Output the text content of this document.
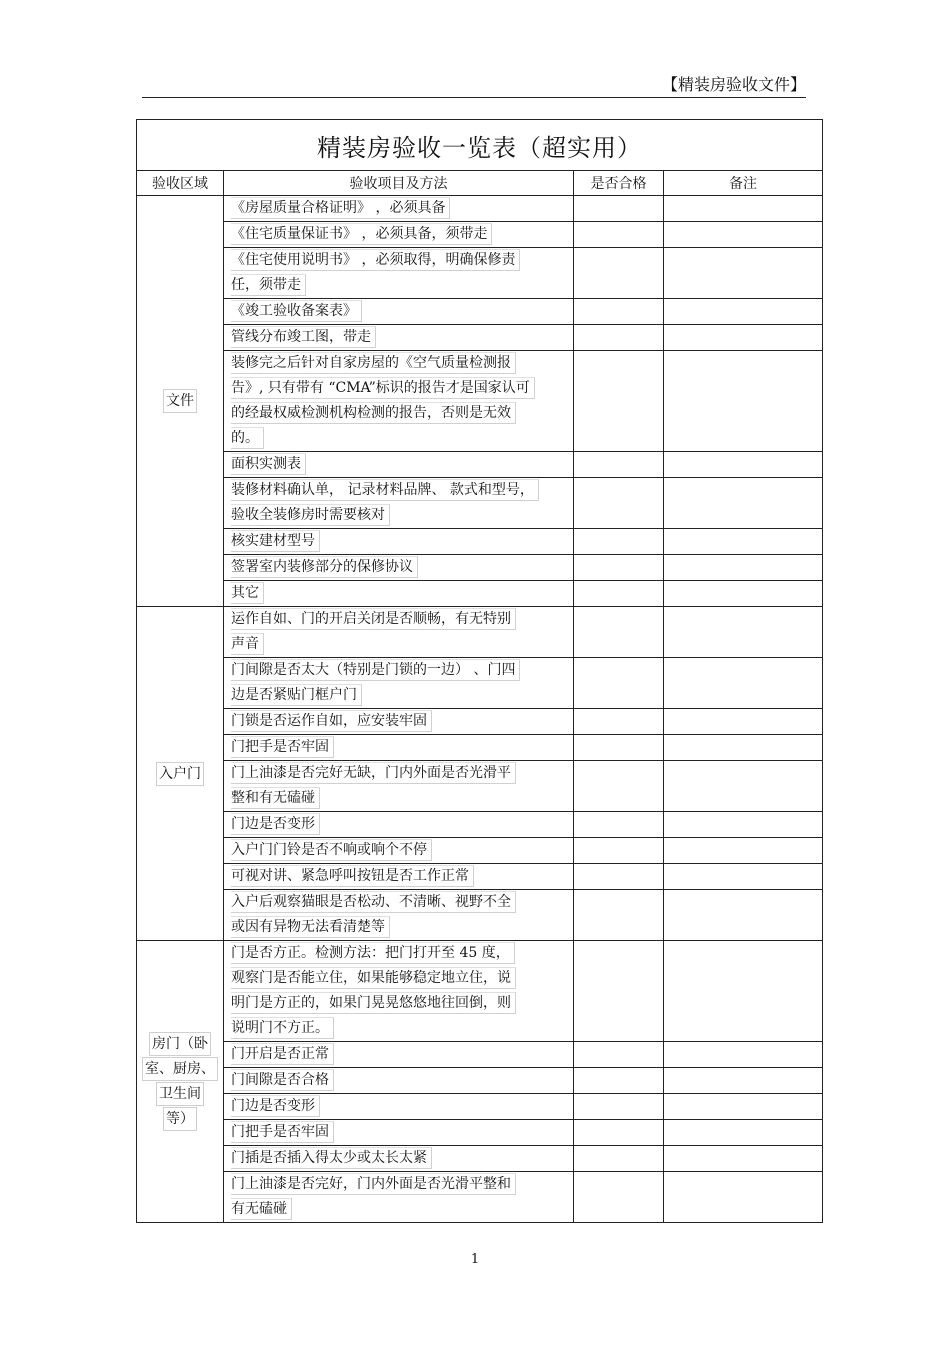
【精装房验收文件】
精装房验收一览表（超实用）			
验收区域	验收项目及方法	是否合格	备注

文件	《房屋质量合格证明》 ，必须具备		

	《住宅质量保证书》 ，必须具备，须带走		

	《住宅使用说明书》 ，必须取得，明确保修责
任，须带走		

	《竣工验收备案表》		

	管线分布竣工图，带走		

	装修完之后针对自家房屋的《空气质量检测报
告》, 只有带有 “CMA”标识的报告才是国家认可
的经最权威检测机构检测的报告，否则是无效
的。		

	面积实测表		

	装修材料确认单， 记录材料品牌、 款式和型号，
验收全装修房时需要核对		

	核实建材型号		

	签署室内装修部分的保修协议		

	其它		

入户门	运作自如、门的开启关闭是否顺畅，有无特别
声音		

	门间隙是否太大（特别是门锁的一边） 、门四
边是否紧贴门框户门		

	门锁是否运作自如，应安装牢固		

	门把手是否牢固		

	门上油漆是否完好无缺，门内外面是否光滑平
整和有无磕碰		

	门边是否变形		

	入户门门铃是否不响或响个不停		

	可视对讲、紧急呼叫按钮是否工作正常		

	入户后观察猫眼是否松动、不清晰、视野不全
或因有异物无法看清楚等		

房门（卧
室、厨房、
卫生间
等）	门是否方正。检测方法：把门打开至 45 度，
观察门是否能立住，如果能够稳定地立住，说
明门是方正的，如果门晃晃悠悠地往回倒，则
说明门不方正。		

	门开启是否正常		

	门间隙是否合格		

	门边是否变形		

	门把手是否牢固		

	门插是否插入得太少或太长太紧		

	门上油漆是否完好，门内外面是否光滑平整和
有无磕碰		

1
